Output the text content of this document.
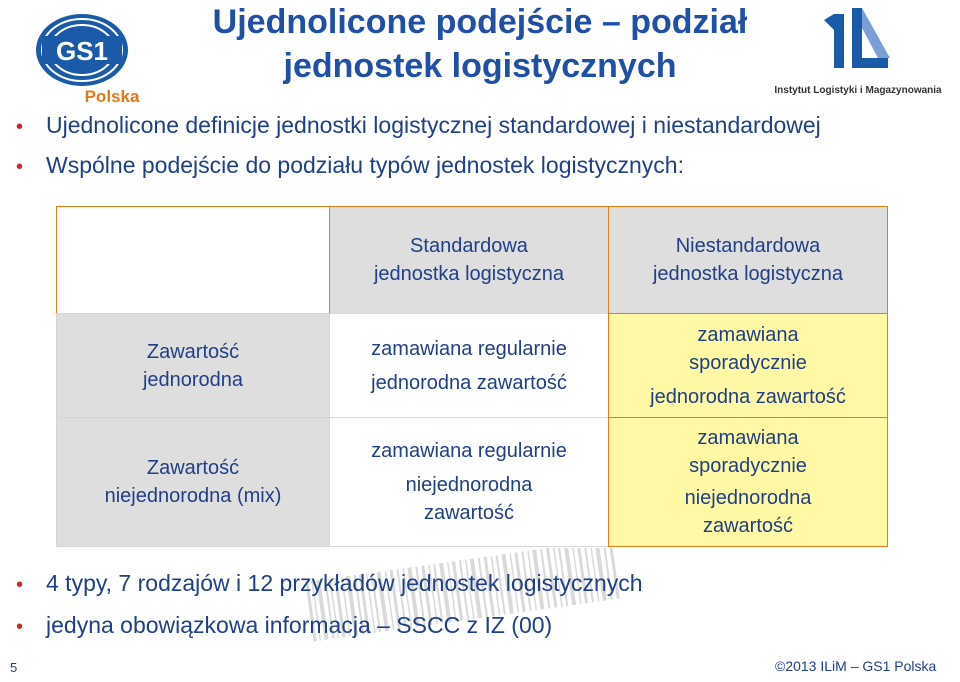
Ujednolicone podejście – podział
jednostek logistycznych
GS1
Polska	Instytut Logistyki i Magazynowania
• Ujednolicone definicje jednostki logistycznej standardowej i niestandardowej
• Wspólne podejście do podziału typów jednostek logistycznych:
Standardowa
jednostka logistyczna
Niestandardowa
jednostka logistyczna
Zawartość
jednorodna
Zawartość
niejednorodna (mix)
zamawiana regularnie
jednorodna zawartość
zamawiana
sporadycznie
jednorodna zawartość
zamawiana regularnie
niejednorodna
zawartość
zamawiana
sporadycznie
niejednorodna
zawartość
• 4 typy, 7 rodzajów i 12 przykładów jednostek logistycznych
• jedyna obowiązkowa informacja – SSCC z IZ (00)
5	©2013 ILiM – GS1 Polska
